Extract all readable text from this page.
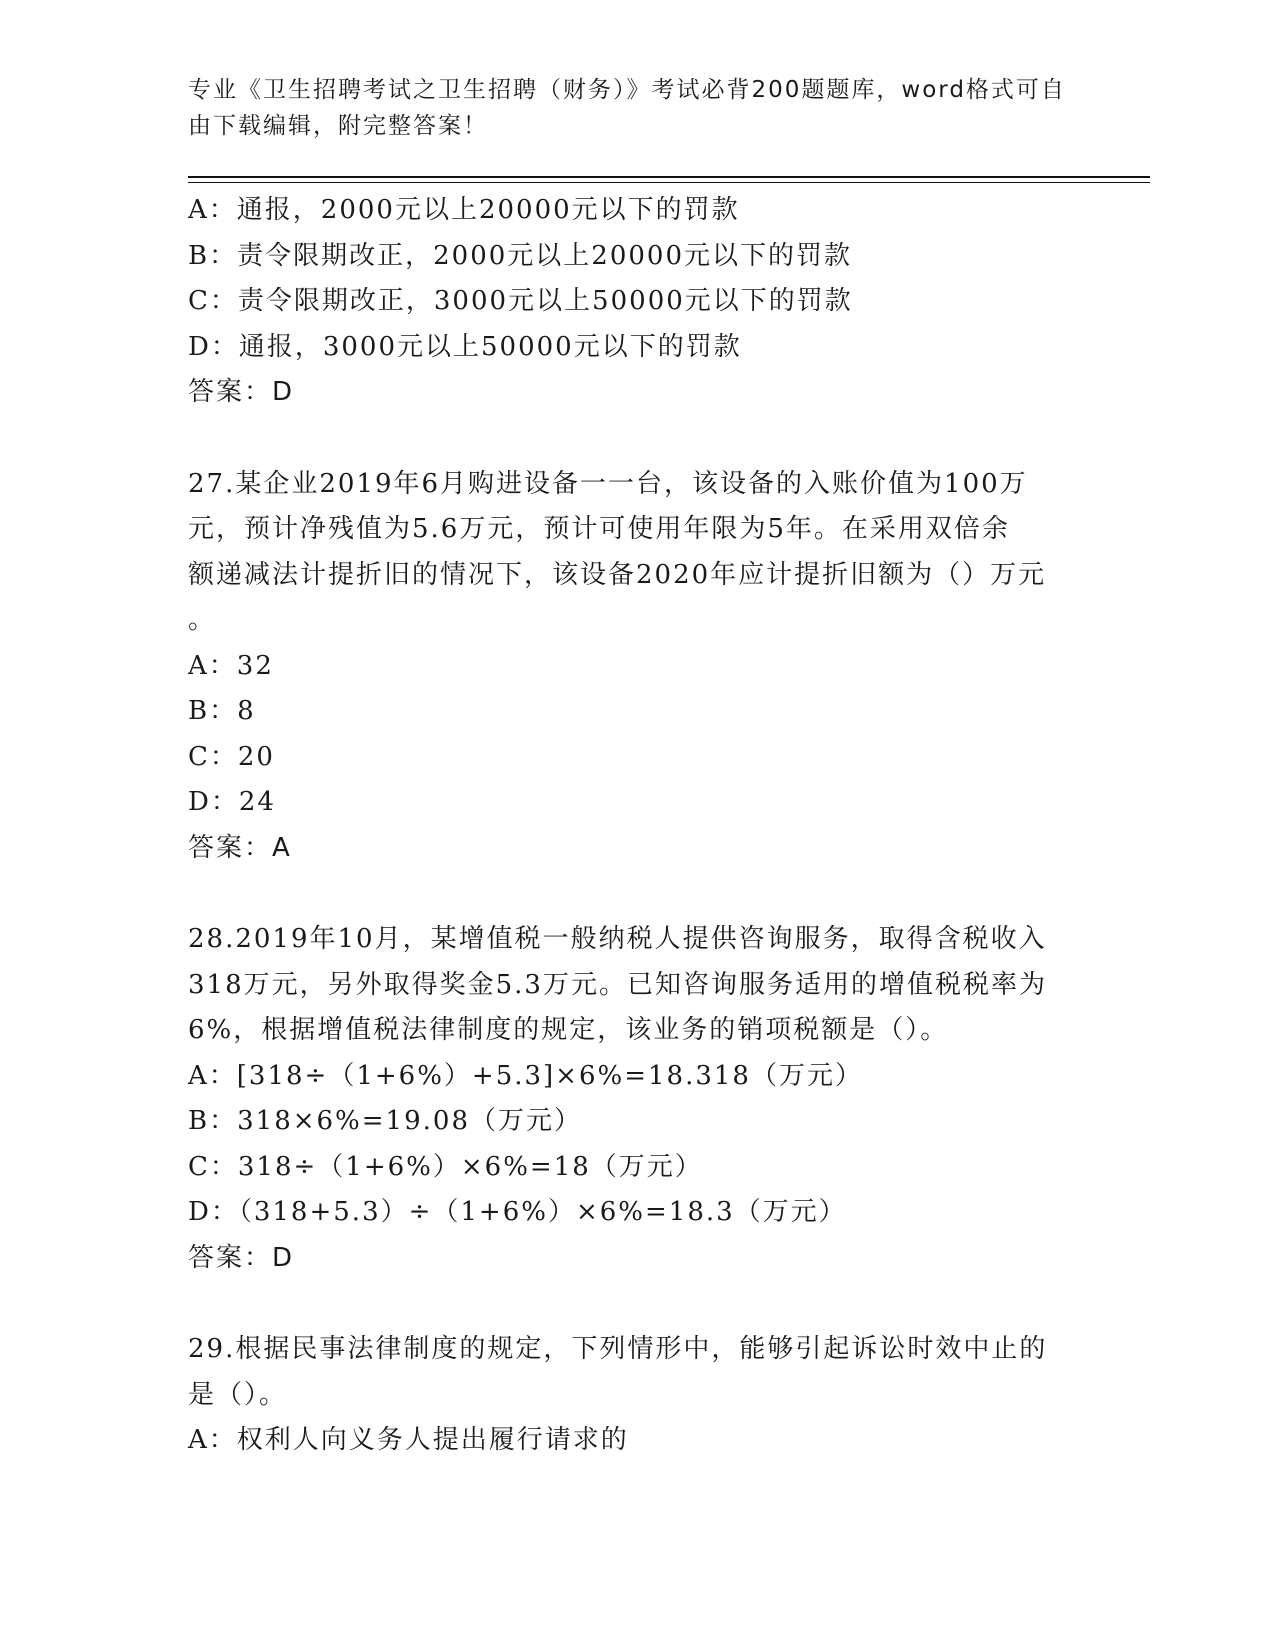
专业《卫生招聘考试之卫生招聘（财务）》考试必背200题题库，word格式可自
由下载编辑，附完整答案！
A：通报，2000元以上20000元以下的罚款
B：责令限期改正，2000元以上20000元以下的罚款
C：责令限期改正，3000元以上50000元以下的罚款
D：通报，3000元以上50000元以下的罚款
答案：D
27.某企业2019年6月购进设备一一台，该设备的入账价值为100万
元，预计净残值为5.6万元，预计可使用年限为5年。在采用双倍余
额递减法计提折旧的情况下，该设备2020年应计提折旧额为（）万元
。
A：32
B：8
C：20
D：24
答案：A
28.2019年10月，某增值税一般纳税人提供咨询服务，取得含税收入
318万元，另外取得奖金5.3万元。已知咨询服务适用的增值税税率为
6%，根据增值税法律制度的规定，该业务的销项税额是（）。
A：[318÷（1+6%）+5.3]×6%=18.318（万元）
B：318×6%=19.08（万元）
C：318÷（1+6%）×6%=18（万元）
D：（318+5.3）÷（1+6%）×6%=18.3（万元）
答案：D
29.根据民事法律制度的规定，下列情形中，能够引起诉讼时效中止的
是（）。
A：权利人向义务人提出履行请求的
